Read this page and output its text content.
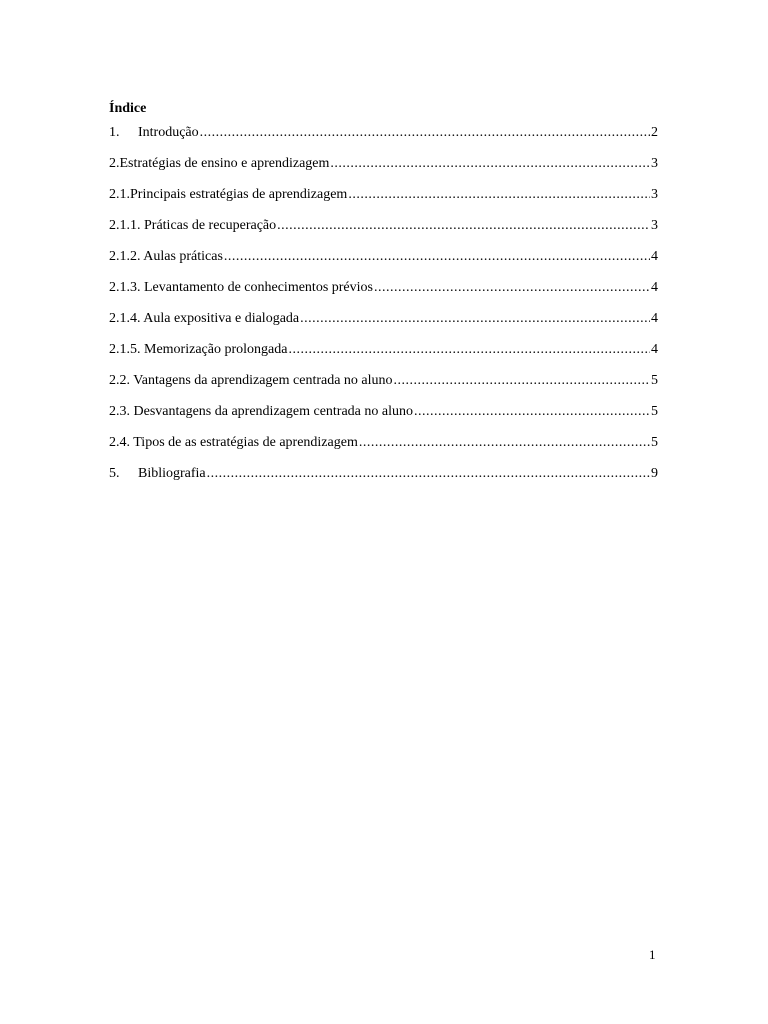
Índice
1.	Introdução .....	2
2.Estratégias de ensino e aprendizagem .....	3
2.1.Principais estratégias de aprendizagem .....	3
2.1.1. Práticas de recuperação .....	3
2.1.2. Aulas práticas .....	4
2.1.3. Levantamento de conhecimentos prévios .....	4
2.1.4. Aula expositiva e dialogada .....	4
2.1.5. Memorização prolongada .....	4
2.2. Vantagens da aprendizagem centrada no aluno .....	5
2.3. Desvantagens da aprendizagem centrada no aluno .....	5
2.4. Tipos de as estratégias de aprendizagem .....	5
5.	Bibliografia .....	9

1
